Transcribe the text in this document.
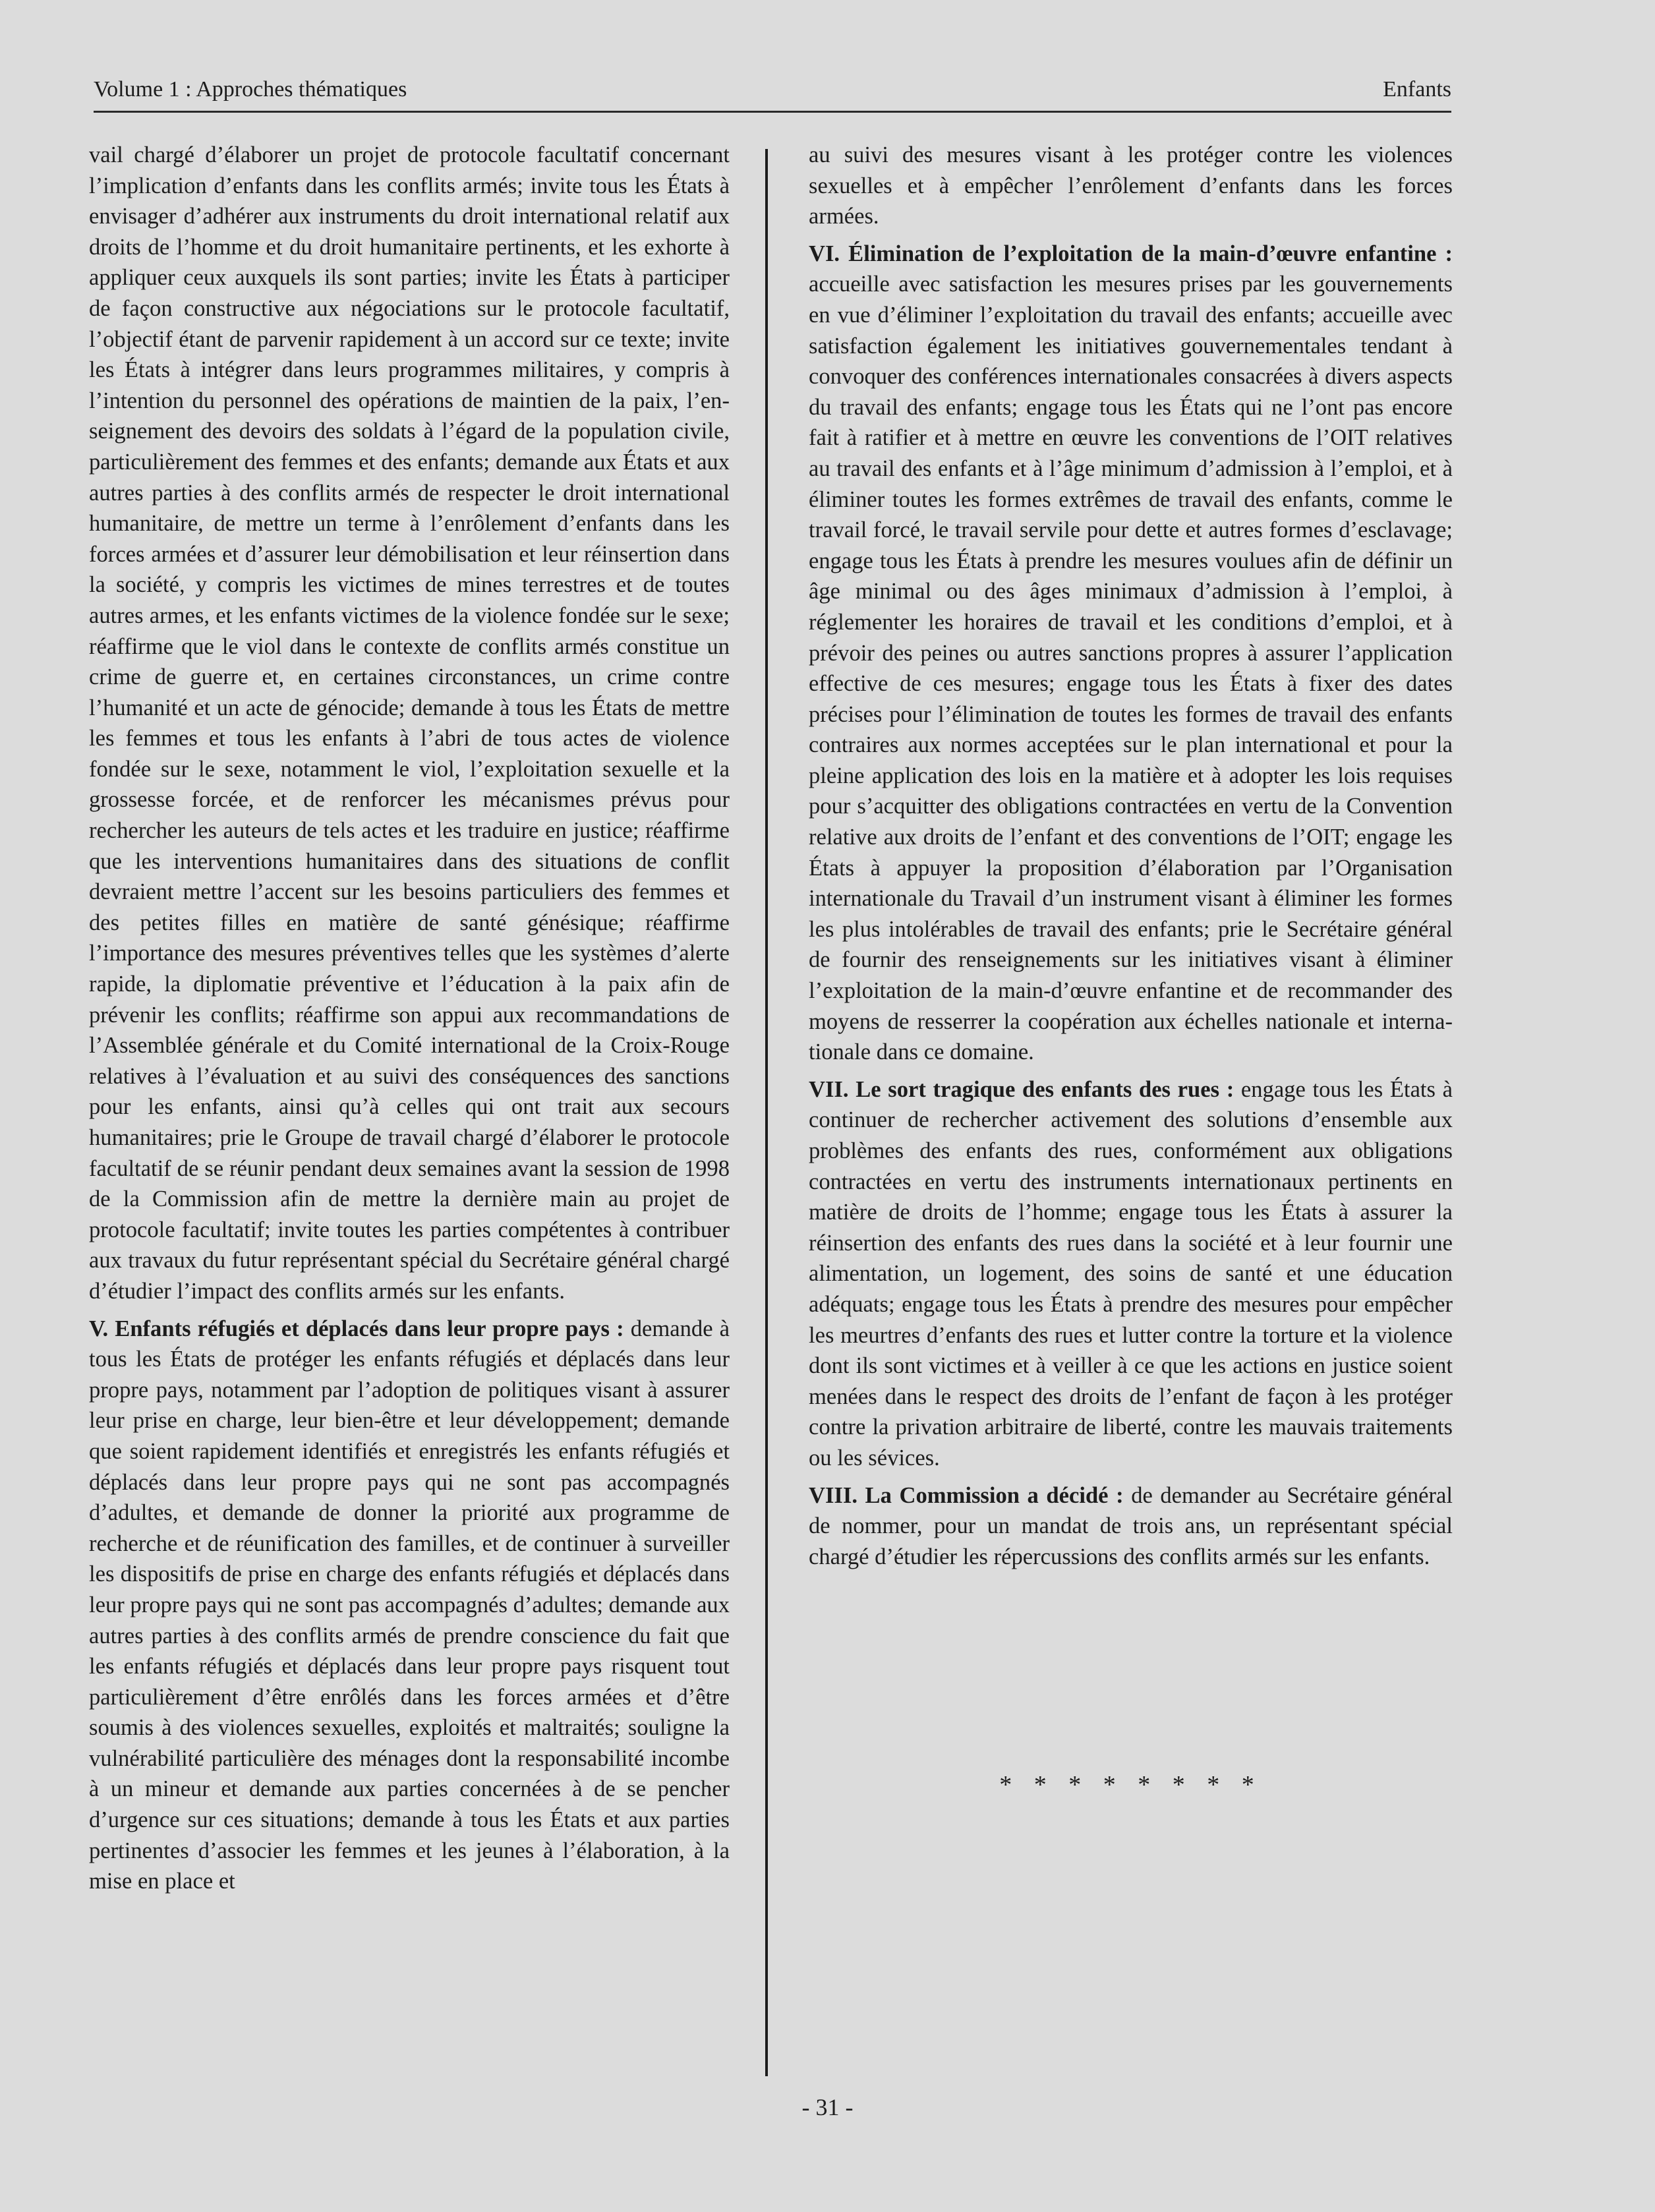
Volume 1 : Approches thématiques	Enfants

vail chargé d’élaborer un projet de protocole facultatif concernant l’implication d’enfants dans les conflits armés; invite tous les États à envisager d’adhérer aux instruments du droit international relatif aux droits de l’homme et du droit humanitaire pertinents, et les exhorte à appliquer ceux auxquels ils sont parties; invite les États à participer de façon constructive aux négociations sur le protocole facultatif, l’objectif étant de parvenir rapidement à un accord sur ce texte; invite les États à intégrer dans leurs programmes militaires, y compris à l’intention du personnel des opérations de maintien de la paix, l’enseignement des devoirs des soldats à l’égard de la population civile, particulièrement des femmes et des enfants; demande aux États et aux autres parties à des conflits armés de respecter le droit international humanitaire, de mettre un terme à l’enrôlement d’enfants dans les forces armées et d’assurer leur démobilisation et leur réinsertion dans la société, y compris les victimes de mines terrestres et de toutes autres armes, et les enfants victimes de la violence fondée sur le sexe; réaffirme que le viol dans le contexte de conflits armés constitue un crime de guerre et, en certaines circonstances, un crime contre l’humanité et un acte de génocide; demande à tous les États de mettre les femmes et tous les enfants à l’abri de tous actes de violence fondée sur le sexe, notamment le viol, l’exploitation sexuelle et la grossesse forcée, et de renforcer les mécanismes prévus pour rechercher les auteurs de tels actes et les traduire en justice; réaffirme que les interventions humanitaires dans des situations de conflit devraient mettre l’accent sur les besoins particuliers des femmes et des petites filles en matière de santé génésique; réaffirme l’importance des mesures préventives telles que les systèmes d’alerte rapide, la diplomatie préventive et l’éducation à la paix afin de prévenir les conflits; réaffirme son appui aux recommandations de l’Assemblée générale et du Comité international de la Croix-Rouge relatives à l’évaluation et au suivi des conséquences des sanctions pour les enfants, ainsi qu’à celles qui ont trait aux secours humanitaires; prie le Groupe de travail chargé d’élaborer le protocole facultatif de se réunir pendant deux semaines avant la session de 1998 de la Commission afin de mettre la dernière main au projet de protocole facultatif; invite toutes les parties compétentes à contribuer aux travaux du futur représentant spécial du Secrétaire général chargé d’étudier l’impact des conflits armés sur les enfants.

V. Enfants réfugiés et déplacés dans leur propre pays : demande à tous les États de protéger les enfants réfugiés et déplacés dans leur propre pays, notamment par l’adoption de politiques visant à assurer leur prise en charge, leur bien-être et leur développement; demande que soient rapidement identifiés et enregistrés les enfants réfugiés et déplacés dans leur propre pays qui ne sont pas accompagnés d’adultes, et demande de donner la priorité aux programme de recherche et de réunification des familles, et de continuer à surveiller les dispositifs de prise en charge des enfants réfugiés et déplacés dans leur propre pays qui ne sont pas accompagnés d’adultes; demande aux autres parties à des conflits armés de prendre conscience du fait que les enfants réfugiés et déplacés dans leur propre pays risquent tout particulièrement d’être enrôlés dans les forces armées et d’être soumis à des violences sexuelles, exploités et maltraités; souligne la vulnérabilité particulière des ménages dont la responsabilité incombe à un mineur et demande aux parties concernées à de se pencher d’urgence sur ces situations; demande à tous les États et aux parties pertinentes d’associer les femmes et les jeunes à l’élaboration, à la mise en place et

au suivi des mesures visant à les protéger contre les violences sexuelles et à empêcher l’enrôlement d’enfants dans les forces armées.

VI. Élimination de l’exploitation de la main-d’œuvre enfantine : accueille avec satisfaction les mesures prises par les gouvernements en vue d’éliminer l’exploitation du travail des enfants; accueille avec satisfaction également les initiatives gouvernementales tendant à convoquer des conférences internationales consacrées à divers aspects du travail des enfants; engage tous les États qui ne l’ont pas encore fait à ratifier et à mettre en œuvre les conventions de l’OIT relatives au travail des enfants et à l’âge minimum d’admission à l’emploi, et à éliminer toutes les formes extrêmes de travail des enfants, comme le travail forcé, le travail servile pour dette et autres formes d’esclavage; engage tous les États à prendre les mesures voulues afin de définir un âge minimal ou des âges minimaux d’admission à l’emploi, à réglementer les horaires de travail et les conditions d’emploi, et à prévoir des peines ou autres sanctions propres à assurer l’application effective de ces mesures; engage tous les États à fixer des dates précises pour l’élimination de toutes les formes de travail des enfants contraires aux normes acceptées sur le plan international et pour la pleine application des lois en la matière et à adopter les lois requises pour s’acquitter des obligations contractées en vertu de la Convention relative aux droits de l’enfant et des conventions de l’OIT; engage les États à appuyer la proposition d’élaboration par l’Organisation internationale du Travail d’un instrument visant à éliminer les formes les plus intolérables de travail des enfants; prie le Secrétaire général de fournir des renseignements sur les initiatives visant à éliminer l’exploitation de la main-d’œuvre enfantine et de recommander des moyens de resserrer la coopération aux échelles nationale et internationale dans ce domaine.

VII. Le sort tragique des enfants des rues : engage tous les États à continuer de rechercher activement des solutions d’ensemble aux problèmes des enfants des rues, conformément aux obligations contractées en vertu des instruments internationaux pertinents en matière de droits de l’homme; engage tous les États à assurer la réinsertion des enfants des rues dans la société et à leur fournir une alimentation, un logement, des soins de santé et une éducation adéquats; engage tous les États à prendre des mesures pour empêcher les meurtres d’enfants des rues et lutter contre la torture et la violence dont ils sont victimes et à veiller à ce que les actions en justice soient menées dans le respect des droits de l’enfant de façon à les protéger contre la privation arbitraire de liberté, contre les mauvais traitements ou les sévices.

VIII. La Commission a décidé : de demander au Secrétaire général de nommer, pour un mandat de trois ans, un représentant spécial chargé d’étudier les répercussions des conflits armés sur les enfants.

* * * * * * * *
- 31 -
